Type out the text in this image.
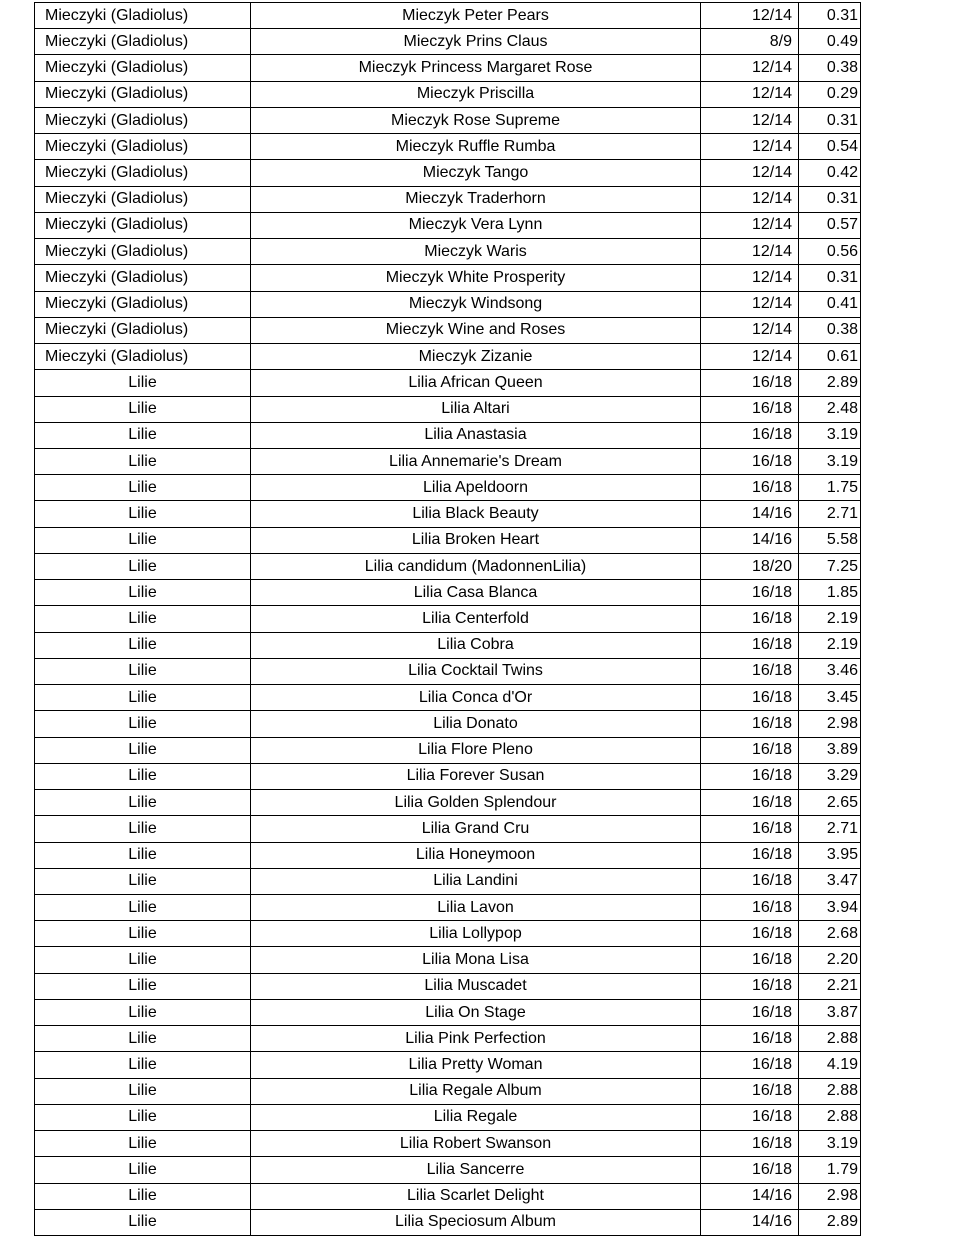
Mieczyki (Gladiolus)	Mieczyk Peter Pears	12/14	0.31
Mieczyki (Gladiolus)	Mieczyk Prins Claus	8/9	0.49
Mieczyki (Gladiolus)	Mieczyk Princess Margaret Rose	12/14	0.38
Mieczyki (Gladiolus)	Mieczyk Priscilla	12/14	0.29
Mieczyki (Gladiolus)	Mieczyk Rose Supreme	12/14	0.31
Mieczyki (Gladiolus)	Mieczyk Ruffle Rumba	12/14	0.54
Mieczyki (Gladiolus)	Mieczyk Tango	12/14	0.42
Mieczyki (Gladiolus)	Mieczyk Traderhorn	12/14	0.31
Mieczyki (Gladiolus)	Mieczyk Vera Lynn	12/14	0.57
Mieczyki (Gladiolus)	Mieczyk Waris	12/14	0.56
Mieczyki (Gladiolus)	Mieczyk White Prosperity	12/14	0.31
Mieczyki (Gladiolus)	Mieczyk Windsong	12/14	0.41
Mieczyki (Gladiolus)	Mieczyk Wine and Roses	12/14	0.38
Mieczyki (Gladiolus)	Mieczyk Zizanie	12/14	0.61
Lilie	Lilia African Queen	16/18	2.89
Lilie	Lilia Altari	16/18	2.48
Lilie	Lilia Anastasia	16/18	3.19
Lilie	Lilia Annemarie's Dream	16/18	3.19
Lilie	Lilia Apeldoorn	16/18	1.75
Lilie	Lilia Black Beauty	14/16	2.71
Lilie	Lilia Broken Heart	14/16	5.58
Lilie	Lilia candidum (MadonnenLilia)	18/20	7.25
Lilie	Lilia Casa Blanca	16/18	1.85
Lilie	Lilia Centerfold	16/18	2.19
Lilie	Lilia Cobra	16/18	2.19
Lilie	Lilia Cocktail Twins	16/18	3.46
Lilie	Lilia Conca d'Or	16/18	3.45
Lilie	Lilia Donato	16/18	2.98
Lilie	Lilia Flore Pleno	16/18	3.89
Lilie	Lilia Forever Susan	16/18	3.29
Lilie	Lilia Golden Splendour	16/18	2.65
Lilie	Lilia Grand Cru	16/18	2.71
Lilie	Lilia Honeymoon	16/18	3.95
Lilie	Lilia Landini	16/18	3.47
Lilie	Lilia Lavon	16/18	3.94
Lilie	Lilia Lollypop	16/18	2.68
Lilie	Lilia Mona Lisa	16/18	2.20
Lilie	Lilia Muscadet	16/18	2.21
Lilie	Lilia On Stage	16/18	3.87
Lilie	Lilia Pink Perfection	16/18	2.88
Lilie	Lilia Pretty Woman	16/18	4.19
Lilie	Lilia Regale Album	16/18	2.88
Lilie	Lilia Regale	16/18	2.88
Lilie	Lilia Robert Swanson	16/18	3.19
Lilie	Lilia Sancerre	16/18	1.79
Lilie	Lilia Scarlet Delight	14/16	2.98
Lilie	Lilia Speciosum Album	14/16	2.89
